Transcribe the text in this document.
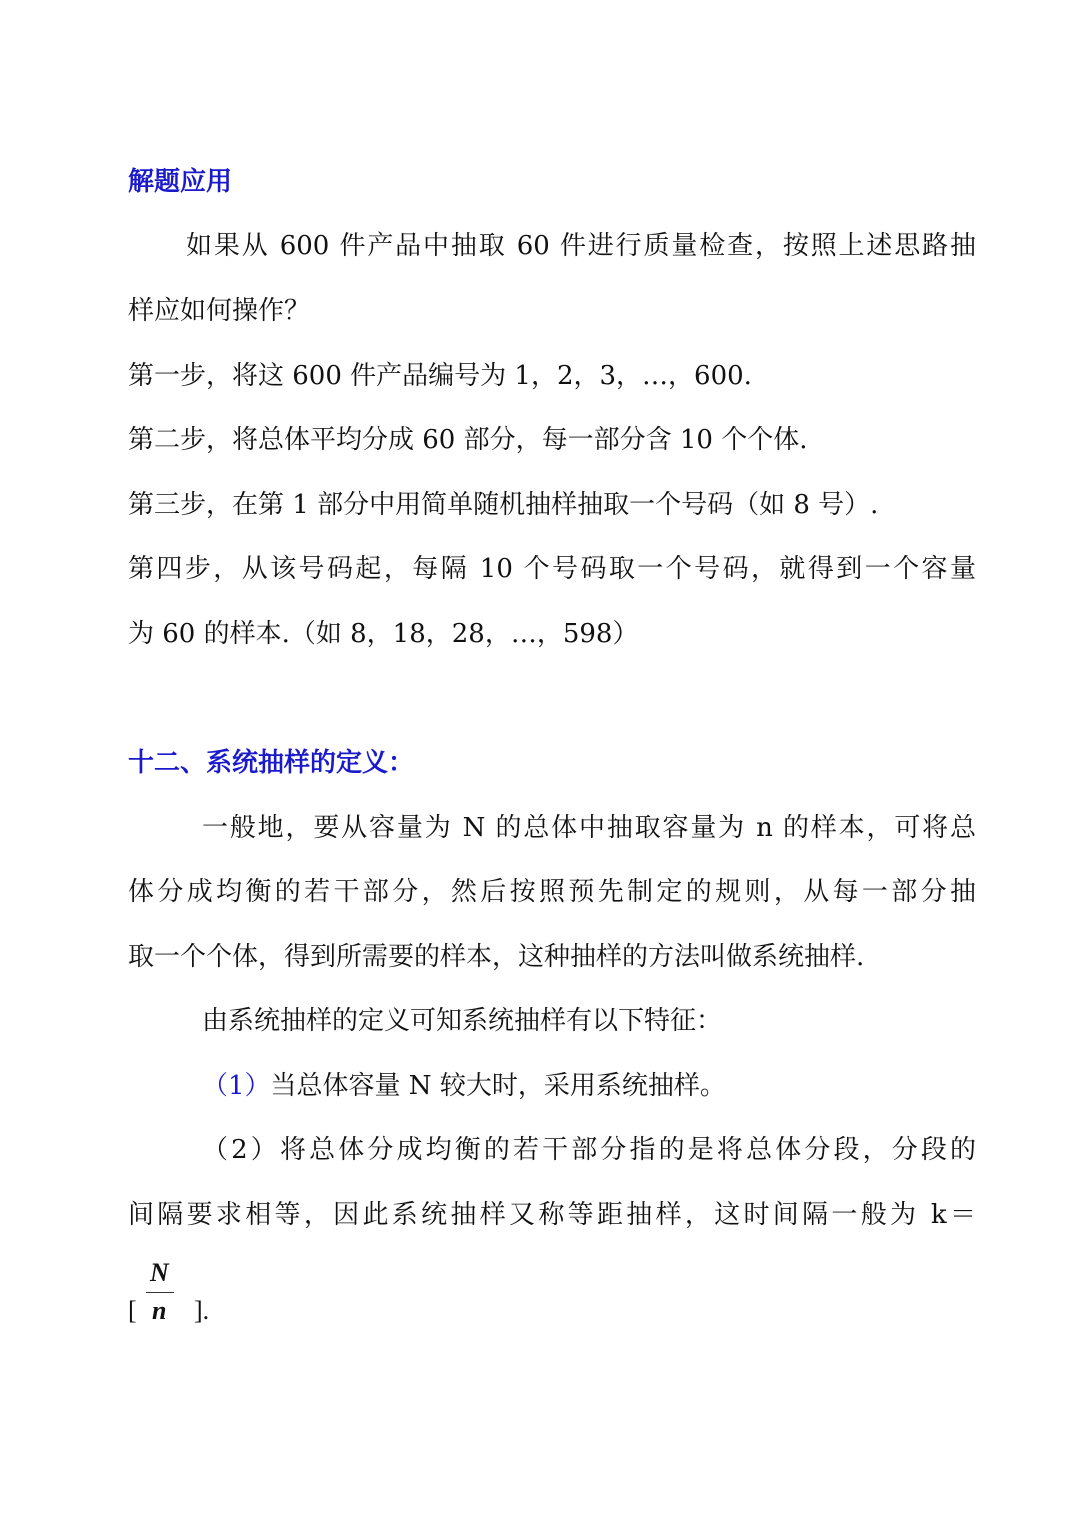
解题应用
如果从 600 件产品中抽取 60 件进行质量检查，按照上述思路抽
样应如何操作？
第一步，将这 600 件产品编号为 1，2，3，…，600.
第二步，将总体平均分成 60 部分，每一部分含 10 个个体.
第三步，在第 1 部分中用简单随机抽样抽取一个号码（如 8 号）.
第四步，从该号码起，每隔 10 个号码取一个号码，就得到一个容量
为 60 的样本.（如 8，18，28，…，598）
十二、系统抽样的定义：
一般地，要从容量为 N 的总体中抽取容量为 n 的样本，可将总
体分成均衡的若干部分，然后按照预先制定的规则，从每一部分抽
取一个个体，得到所需要的样本，这种抽样的方法叫做系统抽样.
由系统抽样的定义可知系统抽样有以下特征：
（1）当总体容量 N 较大时，采用系统抽样。
（2）将总体分成均衡的若干部分指的是将总体分段，分段的
间隔要求相等，因此系统抽样又称等距抽样，这时间隔一般为 k＝
N
[ n ].
